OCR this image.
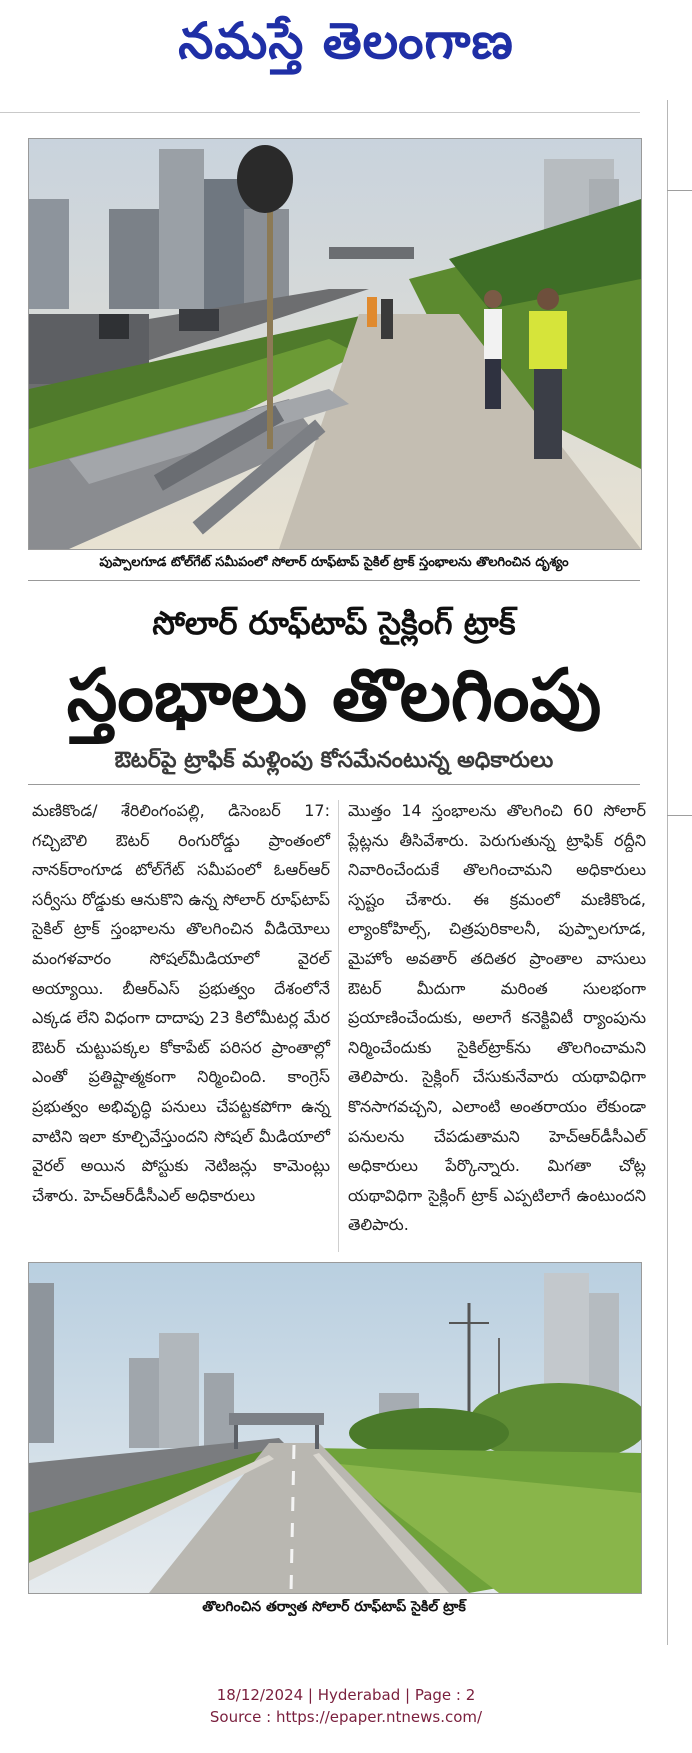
నమస్తే తెలంగాణ
పుప్పాలగూడ టోల్‌గేట్ సమీపంలో సోలార్ రూఫ్‌టాప్ సైకిల్ ట్రాక్ స్తంభాలను తొలగించిన దృశ్యం
సోలార్ రూఫ్‌టాప్ సైక్లింగ్ ట్రాక్
స్తంభాలు తొలగింపు
ఔటర్‌పై ట్రాఫిక్ మళ్లింపు కోసమేనంటున్న అధికారులు
మణికొండ/ శేరిలింగంపల్లి, డిసెంబర్ 17: గచ్చిబౌలి ఔటర్ రింగురోడ్డు ప్రాంతంలో నానక్‌రాంగూడ టోల్‌గేట్ సమీపంలో ఓఆర్‌ఆర్ సర్వీసు రోడ్డుకు ఆనుకొని ఉన్న సోలార్ రూఫ్‌టాప్ సైకిల్ ట్రాక్ స్తంభాలను తొలగించిన వీడియోలు మంగళవారం సోషల్‌మీడియాలో వైరల్ అయ్యాయి. బీఆర్‌ఎస్ ప్రభుత్వం దేశంలోనే ఎక్కడ లేని విధంగా దాదాపు 23 కిలోమీటర్ల మేర ఔటర్ చుట్టుపక్కల కోకాపేట్ పరిసర ప్రాంతాల్లో ఎంతో ప్రతిష్టాత్మకంగా నిర్మించింది. కాంగ్రెస్ ప్రభుత్వం అభివృద్ధి పనులు చేపట్టకపోగా ఉన్న వాటిని ఇలా కూల్చివేస్తుందని సోషల్ మీడియాలో వైరల్ అయిన పోస్టుకు నెటిజన్లు కామెంట్లు చేశారు. హెచ్‌ఆర్‌డీసీఎల్ అధికారులు
మొత్తం 14 స్తంభాలను తొలగించి 60 సోలార్ ప్లేట్లను తీసివేశారు. పెరుగుతున్న ట్రాఫిక్ రద్దీని నివారించేందుకే తొలగించామని అధికారులు స్పష్టం చేశారు. ఈ క్రమంలో మణికొండ, ల్యాంకోహిల్స్, చిత్రపురికాలనీ, పుప్పాలగూడ, మైహోం అవతార్ తదితర ప్రాంతాల వాసులు ఔటర్ మీదుగా మరింత సులభంగా ప్రయాణించేందుకు, అలాగే కనెక్టివిటీ ర్యాంపును నిర్మించేందుకు సైకిల్‌ట్రాక్‌ను తొలగించామని తెలిపారు. సైక్లింగ్ చేసుకునేవారు యథావిధిగా కొనసాగవచ్చని, ఎలాంటి అంతరాయం లేకుండా పనులను చేపడుతామని హెచ్‌ఆర్‌డీసీఎల్ అధికారులు పేర్కొన్నారు. మిగతా చోట్ల యథావిధిగా సైక్లింగ్ ట్రాక్ ఎప్పటిలాగే ఉంటుందని తెలిపారు.
తొలగించిన తర్వాత సోలార్ రూఫ్‌టాప్ సైకిల్ ట్రాక్
18/12/2024 | Hyderabad | Page : 2
Source : https://epaper.ntnews.com/
